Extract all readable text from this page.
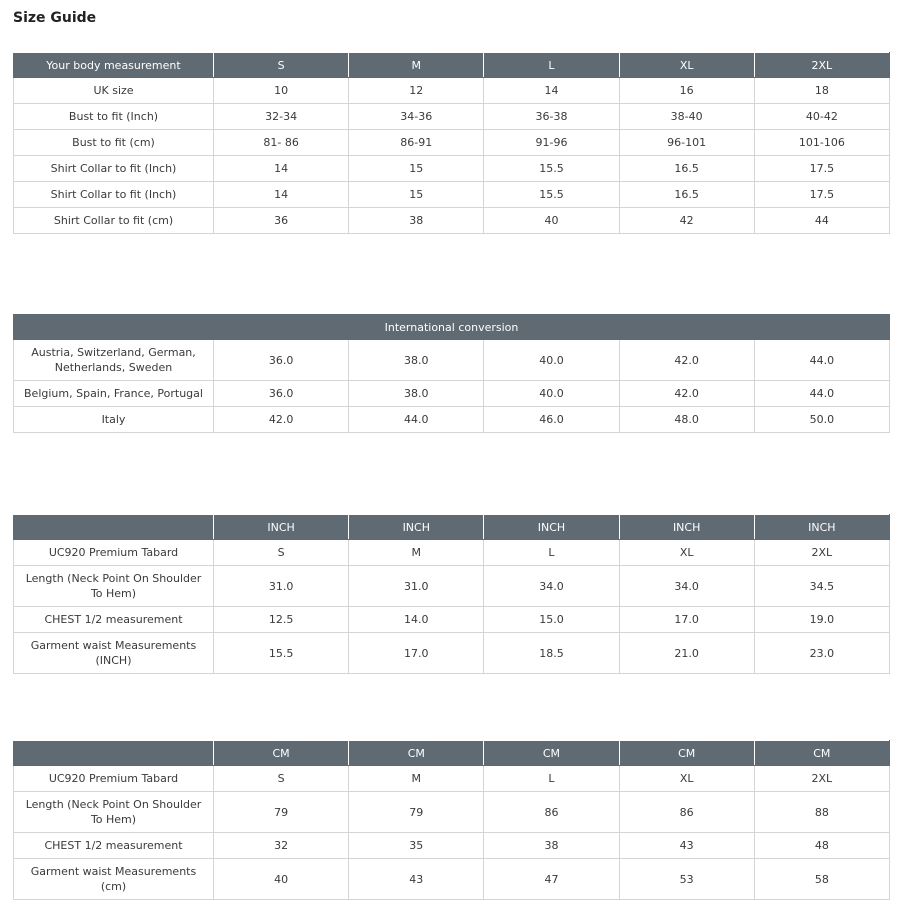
Size Guide
Your body measurement	S	M	L	XL	2XL
UK size	10	12	14	16	18
Bust to fit (Inch)	32-34	34-36	36-38	38-40	40-42
Bust to fit (cm)	81- 86	86-91	91-96	96-101	101-106
Shirt Collar to fit (Inch)	14	15	15.5	16.5	17.5
Shirt Collar to fit (Inch)	14	15	15.5	16.5	17.5
Shirt Collar to fit (cm)	36	38	40	42	44
International conversion					
Austria, Switzerland, German, Netherlands, Sweden	36.0	38.0	40.0	42.0	44.0
Belgium, Spain, France, Portugal	36.0	38.0	40.0	42.0	44.0
Italy	42.0	44.0	46.0	48.0	50.0
	INCH	INCH	INCH	INCH	INCH
UC920 Premium Tabard	S	M	L	XL	2XL
Length (Neck Point On Shoulder To Hem)	31.0	31.0	34.0	34.0	34.5
CHEST 1/2 measurement	12.5	14.0	15.0	17.0	19.0
Garment waist Measurements (INCH)	15.5	17.0	18.5	21.0	23.0
	CM	CM	CM	CM	CM
UC920 Premium Tabard	S	M	L	XL	2XL
Length (Neck Point On Shoulder To Hem)	79	79	86	86	88
CHEST 1/2 measurement	32	35	38	43	48
Garment waist Measurements (cm)	40	43	47	53	58
